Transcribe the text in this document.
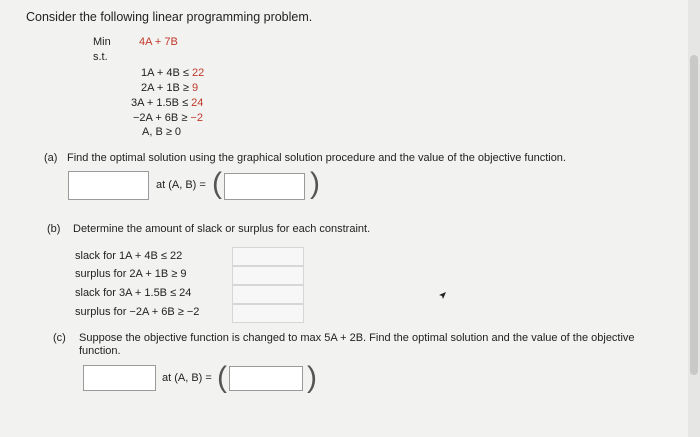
Consider the following linear programming problem.
Min	4A + 7B
s.t.
1A + 4B ≤ 22
2A + 1B ≥ 9
3A + 1.5B ≤ 24
−2A + 6B ≥ −2
A, B ≥ 0
(a) Find the optimal solution using the graphical solution procedure and the value of the objective function.
at (A, B) = (	)
(b) Determine the amount of slack or surplus for each constraint.
slack for 1A + 4B ≤ 22
surplus for 2A + 1B ≥ 9
slack for 3A + 1.5B ≤ 24
surplus for −2A + 6B ≥ −2
(c) Suppose the objective function is changed to max 5A + 2B. Find the optimal solution and the value of the objective
function.
at (A, B) = (	)
